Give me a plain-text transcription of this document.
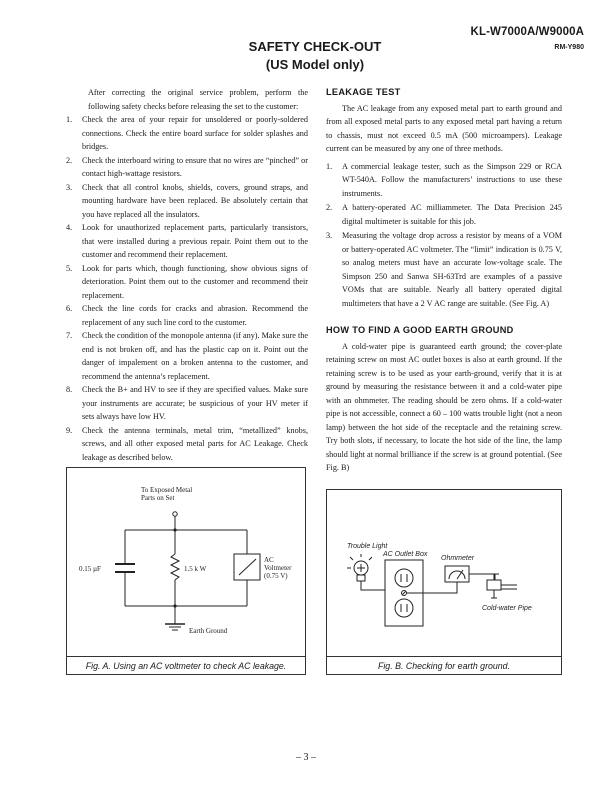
KL-W7000A/W9000A
RM-Y980
SAFETY CHECK-OUT
(US Model only)

After correcting the original service problem, perform the following safety checks before releasing the set to the customer:

1. Check the area of your repair for unsoldered or poorly-soldered connections. Check the entire board surface for solder splashes and bridges.
2. Check the interboard wiring to ensure that no wires are “pinched” or contact high-wattage resistors.
3. Check that all control knobs, shields, covers, ground straps, and mounting hardware have been replaced. Be absolutely certain that you have replaced all the insulators.
4. Look for unauthorized replacement parts, particularly transistors, that were installed during a previous repair. Point them out to the customer and recommend their replacement.
5. Look for parts which, though functioning, show obvious signs of deterioration. Point them out to the customer and recommend their replacement.
6. Check the line cords for cracks and abrasion. Recommend the replacement of any such line cord to the customer.
7. Check the condition of the monopole antenna (if any). Make sure the end is not broken off, and has the plastic cap on it. Point out the danger of impalement on a broken antenna to the customer, and recommend the antenna’s replacement.
8. Check the B+ and HV to see if they are specified values. Make sure your instruments are accurate; be suspicious of your HV meter if sets always have low HV.
9. Check the antenna terminals, metal trim, “metallized” knobs, screws, and all other exposed metal parts for AC Leakage. Check leakage as described below.
LEAKAGE TEST

The AC leakage from any exposed metal part to earth ground and from all exposed metal parts to any exposed metal part having a return to chassis, must not exceed 0.5 mA (500 microampers). Leakage current can be measured by any one of three methods.

1. A commercial leakage tester, such as the Simpson 229 or RCA WT-540A. Follow the manufacturers’ instructions to use these instruments.
2. A battery-operated AC milliammeter. The Data Precision 245 digital multimeter is suitable for this job.
3. Measuring the voltage drop across a resistor by means of a VOM or battery-operated AC voltmeter. The “limit” indication is 0.75 V, so analog meters must have an accurate low-voltage scale. The Simpson 250 and Sanwa SH-63Trd are examples of a passive VOMs that are suitable. Nearly all battery operated digital multimeters that have a 2 V AC range are suitable. (See Fig. A)
HOW TO FIND A GOOD EARTH GROUND

A cold-water pipe is guaranteed earth ground; the cover-plate retaining screw on most AC outlet boxes is also at earth ground. If the retaining screw is to be used as your earth-ground, verify that it is at ground by measuring the resistance between it and a cold-water pipe with an ohmmeter. The reading should be zero ohms. If a cold-water pipe is not accessible, connect a 60 – 100 watts trouble light (not a neon lamp) between the hot side of the receptacle and the retaining screw. Try both slots, if necessary, to locate the hot side of the line, the lamp should light at normal brilliance if the screw is at ground potential. (See Fig. B)

To Exposed Metal
Parts on Set
0.15 µF	1.5 k W
AC
Voltmeter
(0.75 V)
Earth Ground
Fig. A. Using an AC voltmeter to check AC leakage.
Trouble Light
AC Outlet Box
Ohmmeter
Cold-water Pipe
Fig. B. Checking for earth ground.
– 3 –
